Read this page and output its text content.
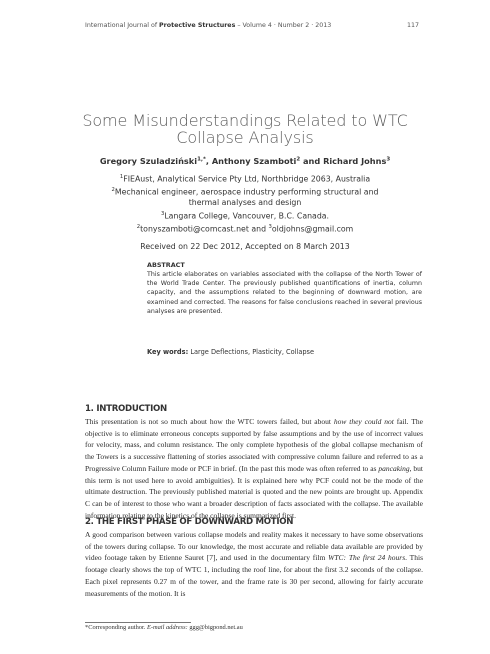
International Journal of Protective Structures – Volume 4 · Number 2 · 2013	117
Some Misunderstandings Related to WTC
Collapse Analysis
Gregory Szuladziński$^{1,*}$, Anthony Szamboti$^2$ and Richard Johns$^3$
$^1$FIEAust, Analytical Service Pty Ltd, Northbridge 2063, Australia
$^2$Mechanical engineer, aerospace industry performing structural and
thermal analyses and design
$^3$Langara College, Vancouver, B.C. Canada.
$^2$tonyszamboti@comcast.net and $^3$oldjohns@gmail.com
Received on 22 Dec 2012, Accepted on 8 March 2013
ABSTRACT
This article elaborates on variables associated with the collapse of the North Tower of the World Trade Center. The previously published quantifications of inertia, column capacity, and the assumptions related to the beginning of downward motion, are examined and corrected. The reasons for false conclusions reached in several previous analyses are presented.
Key words: Large Deflections, Plasticity, Collapse
1. INTRODUCTION
This presentation is not so much about how the WTC towers failed, but about how they could not fail. The objective is to eliminate erroneous concepts supported by false assumptions and by the use of incorrect values for velocity, mass, and column resistance. The only complete hypothesis of the global collapse mechanism of the Towers is a successive flattening of stories associated with compressive column failure and referred to as a Progressive Column Failure mode or PCF in brief. (In the past this mode was often referred to as pancaking, but this term is not used here to avoid ambiguities). It is explained here why PCF could not be the mode of the ultimate destruction. The previously published material is quoted and the new points are brought up. Appendix C can be of interest to those who want a broader description of facts associated with the collapse. The available information relating to the kinetics of the collapse is summarized first.
2. THE FIRST PHASE OF DOWNWARD MOTION
A good comparison between various collapse models and reality makes it necessary to have some observations of the towers during collapse. To our knowledge, the most accurate and reliable data available are provided by video footage taken by Etienne Sauret [7], and used in the documentary film WTC: The first 24 hours. This footage clearly shows the top of WTC 1, including the roof line, for about the first 3.2 seconds of the collapse. Each pixel represents 0.27 m of the tower, and the frame rate is 30 per second, allowing for fairly accurate measurements of the motion. It is
*Corresponding author. E-mail address: ggg@bigpond.net.au
